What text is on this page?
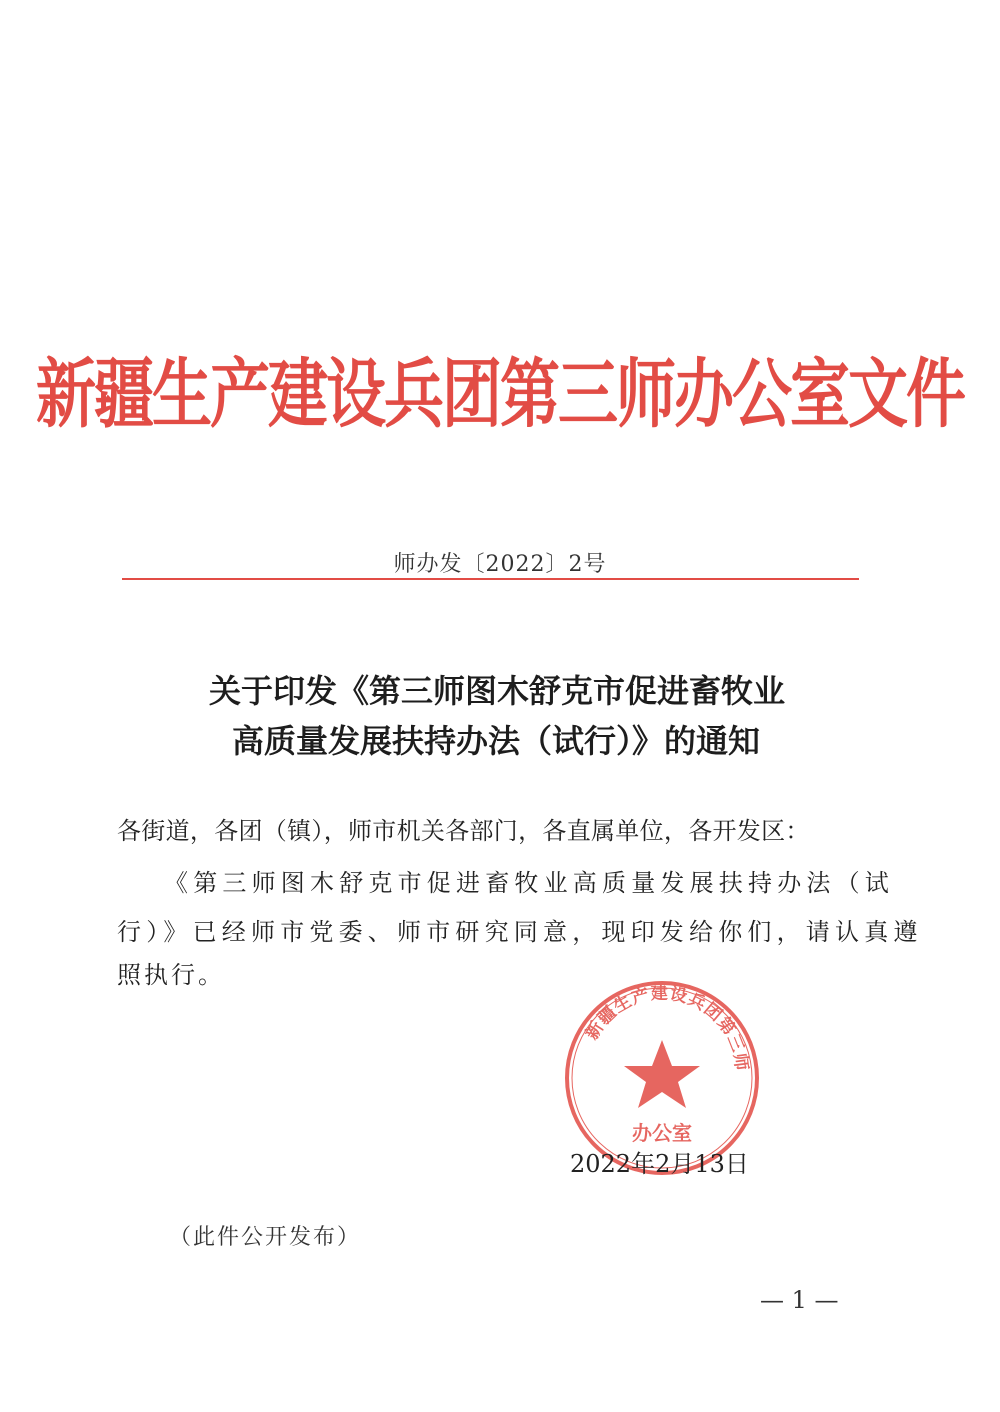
新疆生产建设兵团第三师办公室文件
师办发〔2022〕2号
关于印发《第三师图木舒克市促进畜牧业
高质量发展扶持办法（试行）》的通知
各街道，各团（镇），师市机关各部门，各直属单位，各开发区：
《第三师图木舒克市促进畜牧业高质量发展扶持办法（试
行）》已经师市党委、师市研究同意，现印发给你们，请认真遵
照执行。
新疆生产建设兵团第三师
办公室
2022年2月13日
（此件公开发布）
— 1 —
